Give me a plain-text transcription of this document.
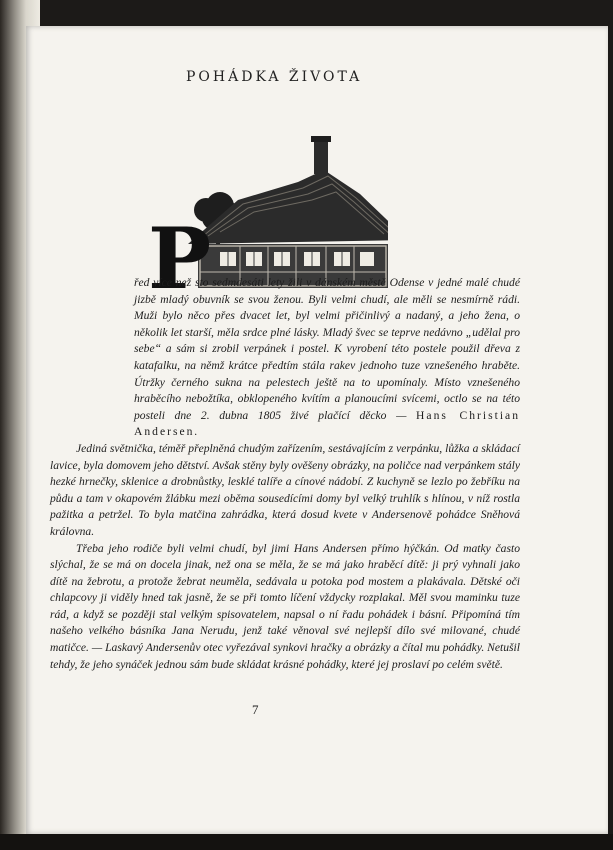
POHÁDKA ŽIVOTA
P

řed více než sto sedmdesáti lety žili v dánském městě Odense v jedné malé chudé jizbě mladý obuvník se svou ženou. Byli velmi chudí, ale měli se nesmírně rádi. Muži bylo něco přes dvacet let, byl velmi přičinlivý a nadaný, a jeho žena, o několik let starší, měla srdce plné lásky. Mladý švec se teprve nedávno „udělal pro sebe“ a sám si zrobil verpánek i postel. K vyrobení této postele použil dřeva z katafalku, na němž krátce předtím stála rakev jednoho tuze vznešeného hraběte. Útržky černého sukna na pelestech ještě na to upomínaly. Místo vznešeného hraběcího nebožtíka, obklopeného kvítím a planoucími svícemi, octlo se na této posteli dne 2. dubna 1805 živé plačící děcko — Hans Christian Andersen.

Jediná světnička, téměř přeplněná chudým zařízením, sestávajícím z verpánku, lůžka a skládací lavice, byla domovem jeho dětství. Avšak stěny byly ověšeny obrázky, na poličce nad verpánkem stály hezké hrnečky, sklenice a drobnůstky, lesklé talíře a cínové nádobí. Z kuchyně se lezlo po žebříku na půdu a tam v okapovém žlábku mezi oběma sousedícími domy byl velký truhlík s hlínou, v níž rostla pažitka a petržel. To byla matčina zahrádka, která dosud kvete v Andersenově pohádce Sněhová královna.

Třeba jeho rodiče byli velmi chudí, byl jimi Hans Andersen přímo hýčkán. Od matky často slýchal, že se má on docela jinak, než ona se měla, že se má jako hraběcí dítě: ji prý vyhnali jako dítě na žebrotu, a protože žebrat neuměla, sedávala u potoka pod mostem a plakávala. Dětské oči chlapcovy ji viděly hned tak jasně, že se při tomto líčení vždycky rozplakal. Měl svou maminku tuze rád, a když se později stal velkým spisovatelem, napsal o ní řadu pohádek i básní. Připomíná tím našeho velkého básníka Jana Nerudu, jenž také věnoval své nejlepší dílo své milované, chudé matičce. — Laskavý Andersenův otec vyřezával synkovi hračky a obrázky a čítal mu pohádky. Netušil tehdy, že jeho synáček jednou sám bude skládat krásné pohádky, které jej proslaví po celém světě.

7
